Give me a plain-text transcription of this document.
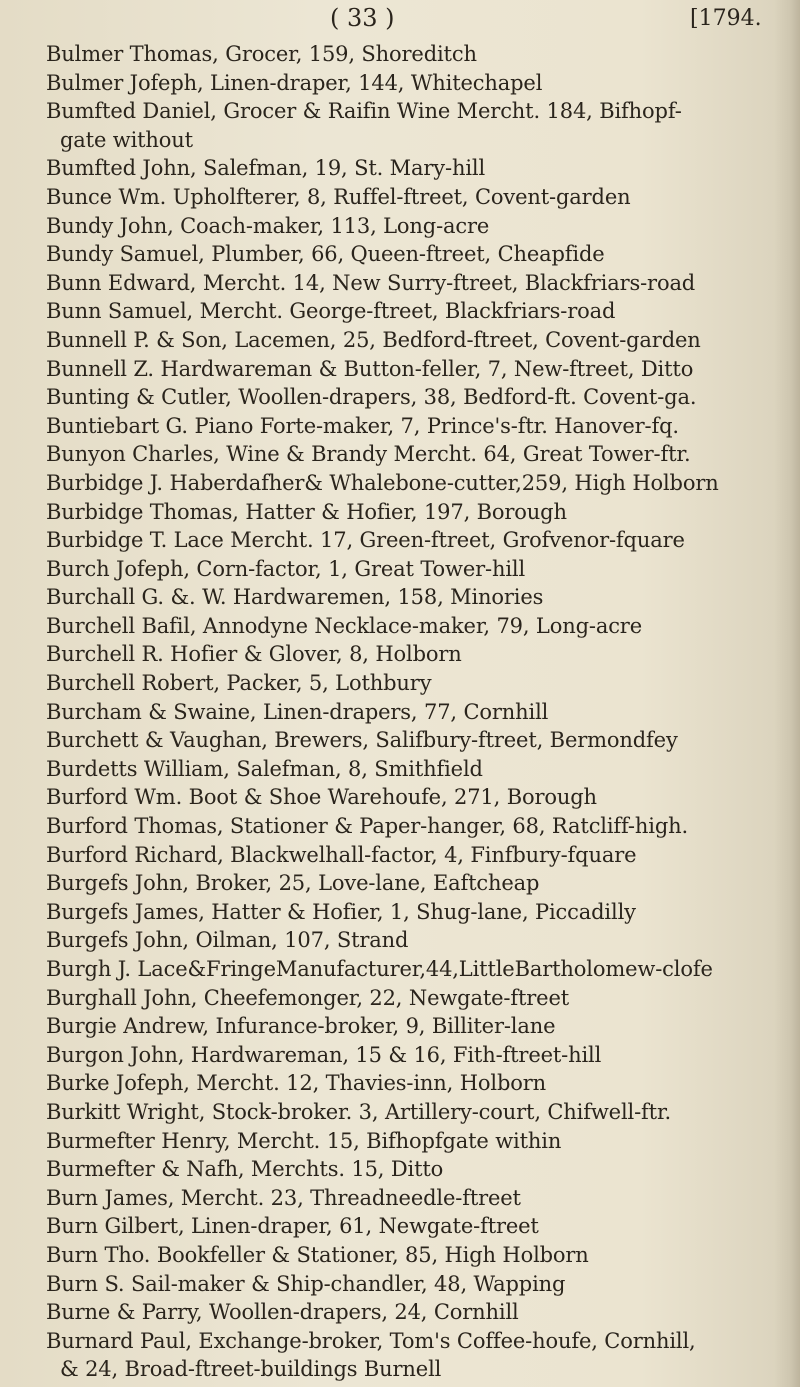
( 33 )	[1794.
Bulmer Thomas, Grocer, 159, Shoreditch
Bulmer Jofeph, Linen-draper, 144, Whitechapel
Bumfted Daniel, Grocer & Raifin Wine Mercht. 184, Bifhopf-
gate without
Bumfted John, Salefman, 19, St. Mary-hill
Bunce Wm. Upholfterer, 8, Ruffel-ftreet, Covent-garden
Bundy John, Coach-maker, 113, Long-acre
Bundy Samuel, Plumber, 66, Queen-ftreet, Cheapfide
Bunn Edward, Mercht. 14, New Surry-ftreet, Blackfriars-road
Bunn Samuel, Mercht. George-ftreet, Blackfriars-road
Bunnell P. & Son, Lacemen, 25, Bedford-ftreet, Covent-garden
Bunnell Z. Hardwareman & Button-feller, 7, New-ftreet, Ditto
Bunting & Cutler, Woollen-drapers, 38, Bedford-ft. Covent-ga.
Buntiebart G. Piano Forte-maker, 7, Prince's-ftr. Hanover-fq.
Bunyon Charles, Wine & Brandy Mercht. 64, Great Tower-ftr.
Burbidge J. Haberdafher& Whalebone-cutter,259, High Holborn
Burbidge Thomas, Hatter & Hofier, 197, Borough
Burbidge T. Lace Mercht. 17, Green-ftreet, Grofvenor-fquare
Burch Jofeph, Corn-factor, 1, Great Tower-hill
Burchall G. &. W. Hardwaremen, 158, Minories
Burchell Bafil, Annodyne Necklace-maker, 79, Long-acre
Burchell R. Hofier & Glover, 8, Holborn
Burchell Robert, Packer, 5, Lothbury
Burcham & Swaine, Linen-drapers, 77, Cornhill
Burchett & Vaughan, Brewers, Salifbury-ftreet, Bermondfey
Burdetts William, Salefman, 8, Smithfield
Burford Wm. Boot & Shoe Warehoufe, 271, Borough
Burford Thomas, Stationer & Paper-hanger, 68, Ratcliff-high.
Burford Richard, Blackwelhall-factor, 4, Finfbury-fquare
Burgefs John, Broker, 25, Love-lane, Eaftcheap
Burgefs James, Hatter & Hofier, 1, Shug-lane, Piccadilly
Burgefs John, Oilman, 107, Strand
Burgh J. Lace&FringeManufacturer,44,LittleBartholomew-clofe
Burghall John, Cheefemonger, 22, Newgate-ftreet
Burgie Andrew, Infurance-broker, 9, Billiter-lane
Burgon John, Hardwareman, 15 & 16, Fith-ftreet-hill
Burke Jofeph, Mercht. 12, Thavies-inn, Holborn
Burkitt Wright, Stock-broker. 3, Artillery-court, Chifwell-ftr.
Burmefter Henry, Mercht. 15, Bifhopfgate within
Burmefter & Nafh, Merchts. 15, Ditto
Burn James, Mercht. 23, Threadneedle-ftreet
Burn Gilbert, Linen-draper, 61, Newgate-ftreet
Burn Tho. Bookfeller & Stationer, 85, High Holborn
Burn S. Sail-maker & Ship-chandler, 48, Wapping
Burne & Parry, Woollen-drapers, 24, Cornhill
Burnard Paul, Exchange-broker, Tom's Coffee-houfe, Cornhill,
& 24, Broad-ftreet-buildings Burnell
